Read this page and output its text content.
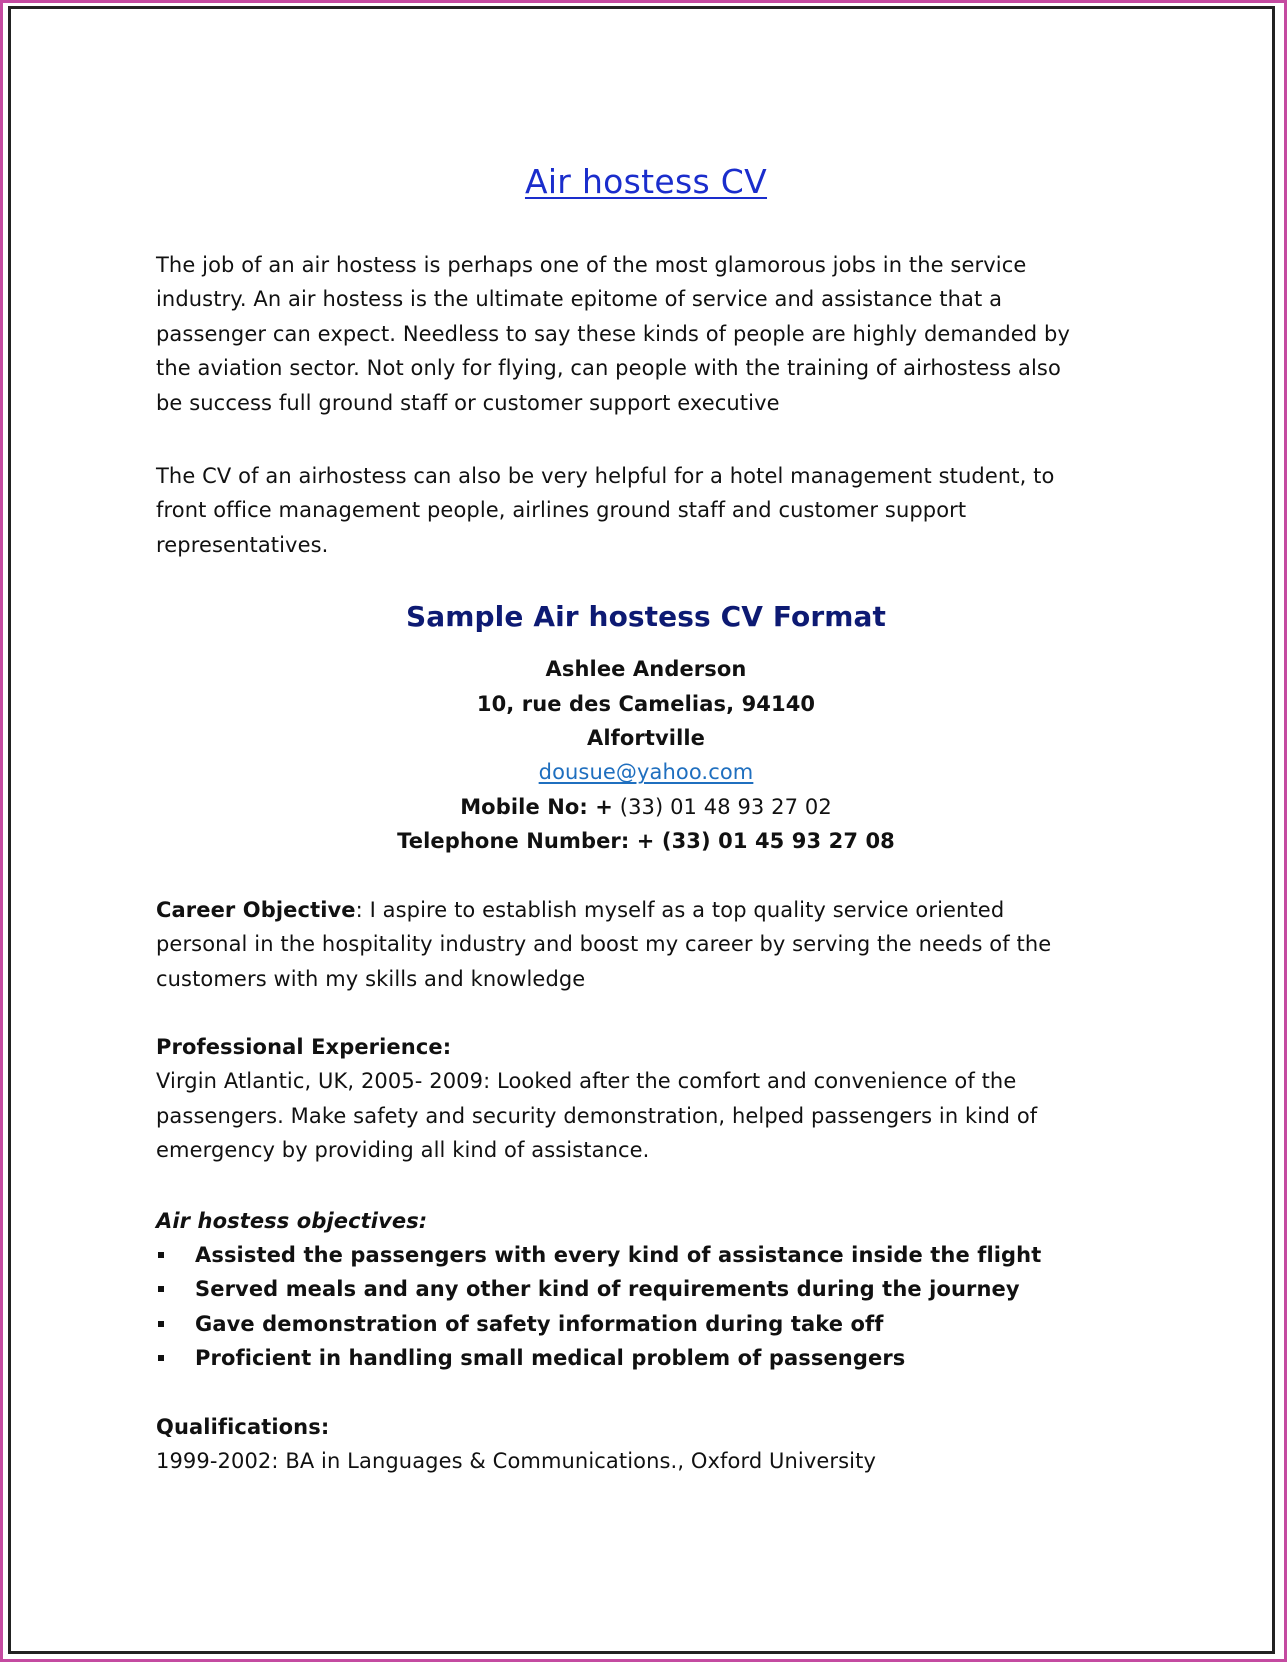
Air hostess CV

The job of an air hostess is perhaps one of the most glamorous jobs in the service
industry. An air hostess is the ultimate epitome of service and assistance that a
passenger can expect. Needless to say these kinds of people are highly demanded by
the aviation sector. Not only for flying, can people with the training of airhostess also
be success full ground staff or customer support executive

The CV of an airhostess can also be very helpful for a hotel management student, to
front office management people, airlines ground staff and customer support
representatives.

Sample Air hostess CV Format
Ashlee Anderson
10, rue des Camelias, 94140
Alfortville
dousue@yahoo.com
Mobile No: + (33) 01 48 93 27 02
Telephone Number: + (33) 01 45 93 27 08

Career Objective: I aspire to establish myself as a top quality service oriented
personal in the hospitality industry and boost my career by serving the needs of the
customers with my skills and knowledge

Professional Experience:
Virgin Atlantic, UK, 2005- 2009: Looked after the comfort and convenience of the
passengers. Make safety and security demonstration, helped passengers in kind of
emergency by providing all kind of assistance.

Air hostess objectives:
Assisted the passengers with every kind of assistance inside the flight
Served meals and any other kind of requirements during the journey
Gave demonstration of safety information during take off
Proficient in handling small medical problem of passengers

Qualifications:
1999-2002: BA in Languages & Communications., Oxford University
